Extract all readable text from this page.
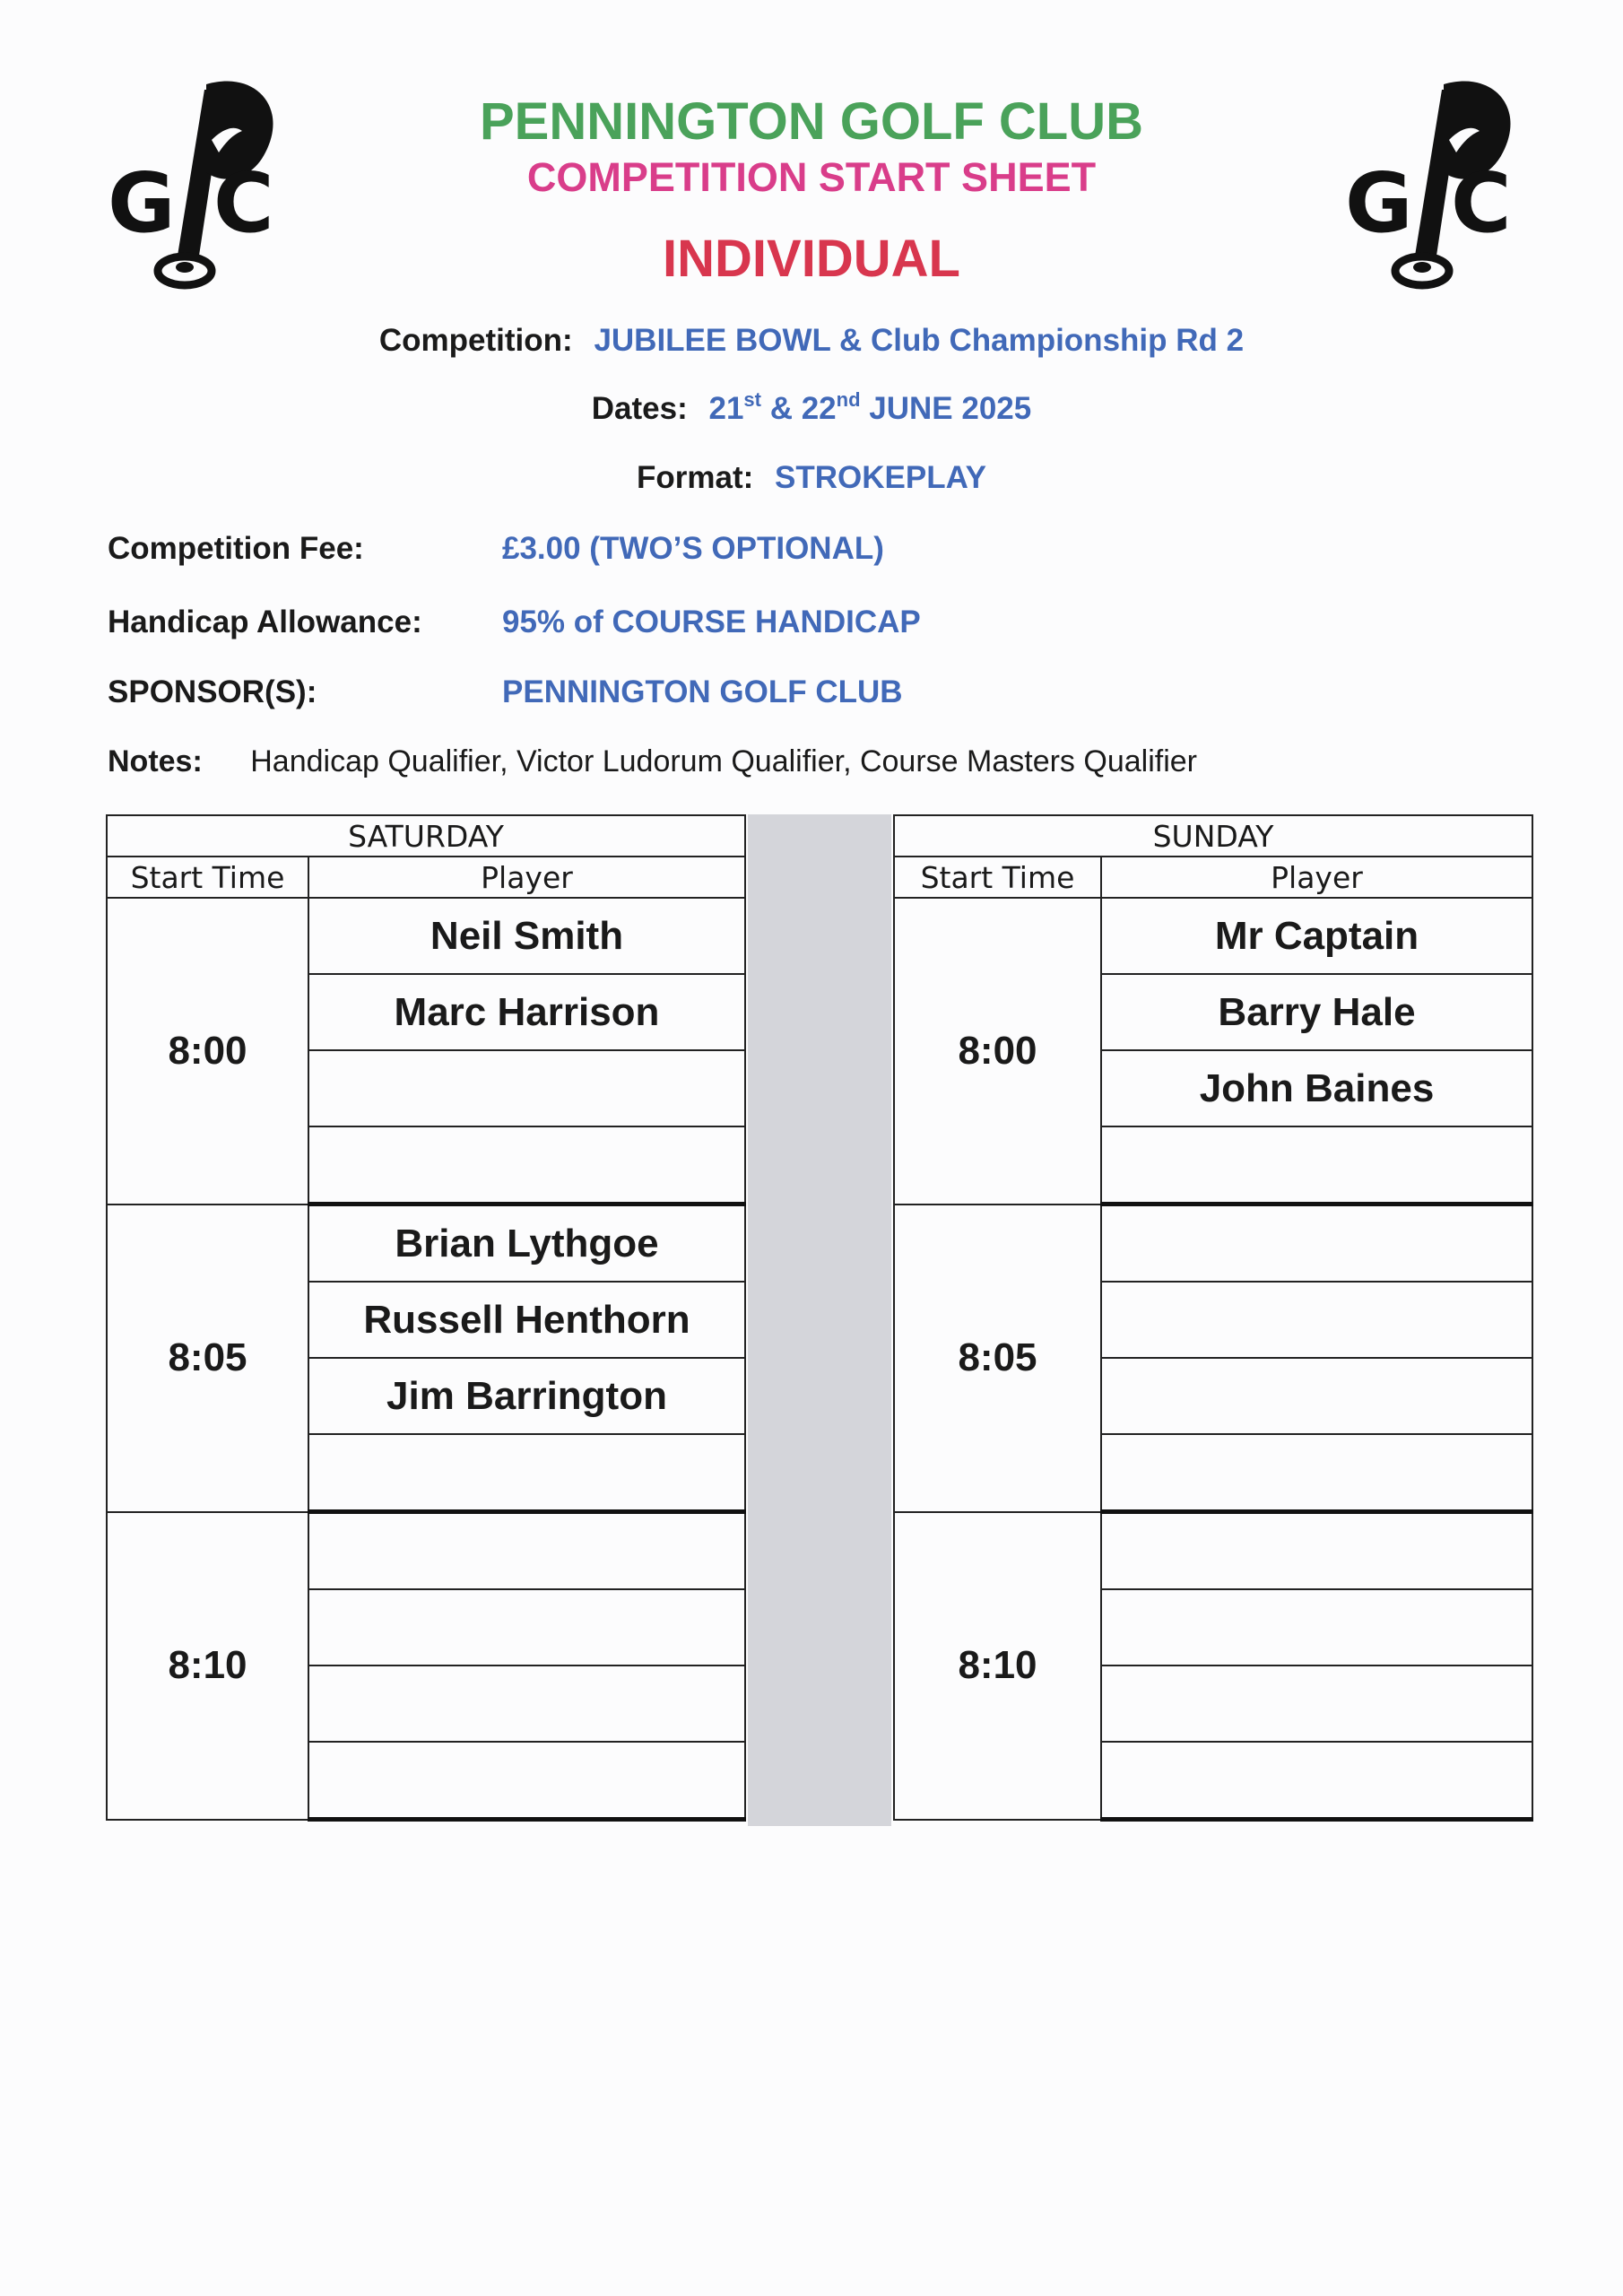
G C	G C
PENNINGTON GOLF CLUB
COMPETITION START SHEET
INDIVIDUAL
Competition: JUBILEE BOWL & Club Championship Rd 2
Dates: 21st & 22nd JUNE 2025
Format: STROKEPLAY
Competition Fee:	£3.00 (TWO’S OPTIONAL)
Handicap Allowance:	95% of COURSE HANDICAP
SPONSOR(S):	PENNINGTON GOLF CLUB
Notes: Handicap Qualifier, Victor Ludorum Qualifier, Course Masters Qualifier
SATURDAY	
Start Time	Player
8:00	Neil Smith
	Marc Harrison

8:05	Brian Lythgoe
	Russell Henthorn
	Jim Barrington

8:10	

SUNDAY	
Start Time	Player
8:00	Mr Captain
	Barry Hale
	John Baines

8:05	

8:10	
